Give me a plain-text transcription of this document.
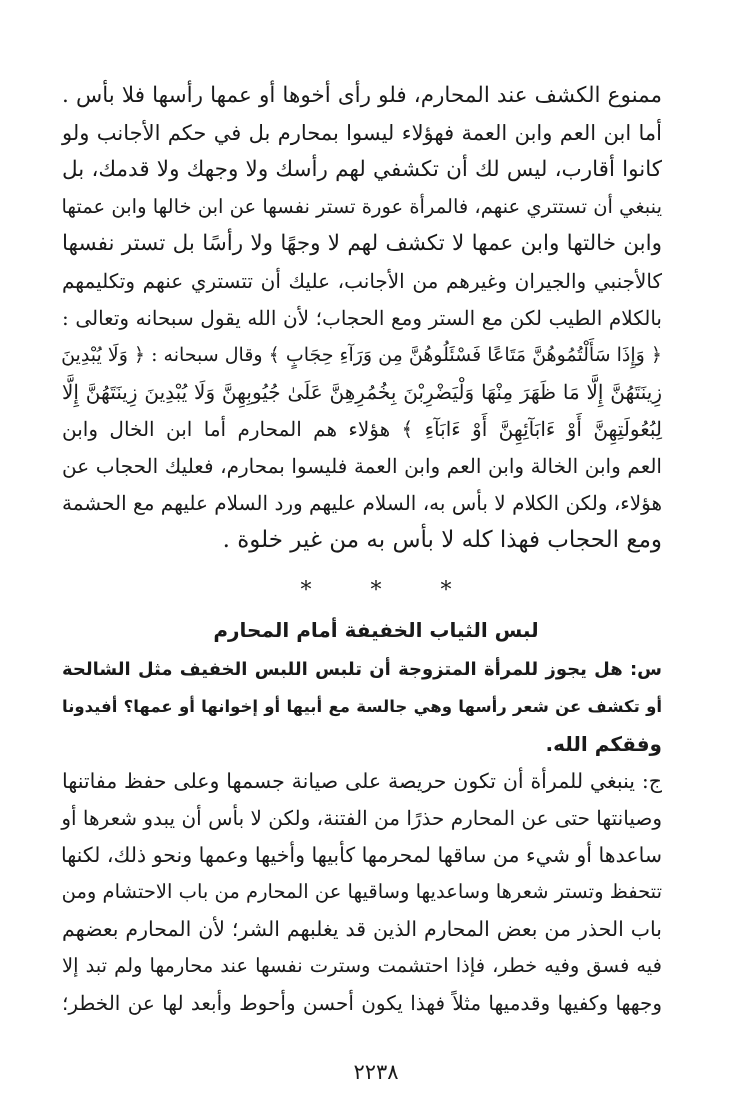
ممنوع الكشف عند المحارم، فلو رأى أخوها أو عمها رأسها فلا بأس .
أما ابن العم وابن العمة فهؤلاء ليسوا بمحارم بل في حكم الأجانب ولو
كانوا أقارب، ليس لك أن تكشفي لهم رأسك ولا وجهك ولا قدمك، بل
ينبغي أن تستتري عنهم، فالمرأة عورة تستر نفسها عن ابن خالها وابن عمتها
وابن خالتها وابن عمها لا تكشف لهم لا وجهًا ولا رأسًا بل تستر نفسها
كالأجنبي والجيران وغيرهم من الأجانب، عليك أن تتستري عنهم وتكليمهم
بالكلام الطيب لكن مع الستر ومع الحجاب؛ لأن الله يقول سبحانه وتعالى :
﴿ وَإِذَا سَأَلْتُمُوهُنَّ مَتَاعًا فَسْئَلُوهُنَّ مِن وَرَآءِ حِجَابٍ ﴾ وقال سبحانه : ﴿ وَلَا يُبْدِينَ
زِينَتَهُنَّ إِلَّا مَا ظَهَرَ مِنْهَا وَلْيَضْرِبْنَ بِخُمُرِهِنَّ عَلَىٰ جُيُوبِهِنَّ وَلَا يُبْدِينَ زِينَتَهُنَّ إِلَّا
لِبُعُولَتِهِنَّ أَوْ ءَابَآئِهِنَّ أَوْ ءَابَآءِ ﴾ هؤلاء هم المحارم أما ابن الخال وابن
العم وابن الخالة وابن العم وابن العمة فليسوا بمحارم، فعليك الحجاب عن
هؤلاء، ولكن الكلام لا بأس به، السلام عليهم ورد السلام عليهم مع الحشمة
ومع الحجاب فهذا كله لا بأس به من غير خلوة .
*	*	*
لبس الثياب الخفيفة أمام المحارم
س: هل يجوز للمرأة المتزوجة أن تلبس اللبس الخفيف مثل الشالحة
أو تكشف عن شعر رأسها وهي جالسة مع أبيها أو إخوانها أو عمها؟ أفيدونا
وفقكم الله.
ج: ينبغي للمرأة أن تكون حريصة على صيانة جسمها وعلى حفظ مفاتنها
وصيانتها حتى عن المحارم حذرًا من الفتنة، ولكن لا بأس أن يبدو شعرها أو
ساعدها أو شيء من ساقها لمحرمها كأبيها وأخيها وعمها ونحو ذلك، لكنها
تتحفظ وتستر شعرها وساعديها وساقيها عن المحارم من باب الاحتشام ومن
باب الحذر من بعض المحارم الذين قد يغلبهم الشر؛ لأن المحارم بعضهم
فيه فسق وفيه خطر، فإذا احتشمت وسترت نفسها عند محارمها ولم تبد إلا
وجهها وكفيها وقدميها مثلاً فهذا يكون أحسن وأحوط وأبعد لها عن الخطر؛
٢٢٣٨
